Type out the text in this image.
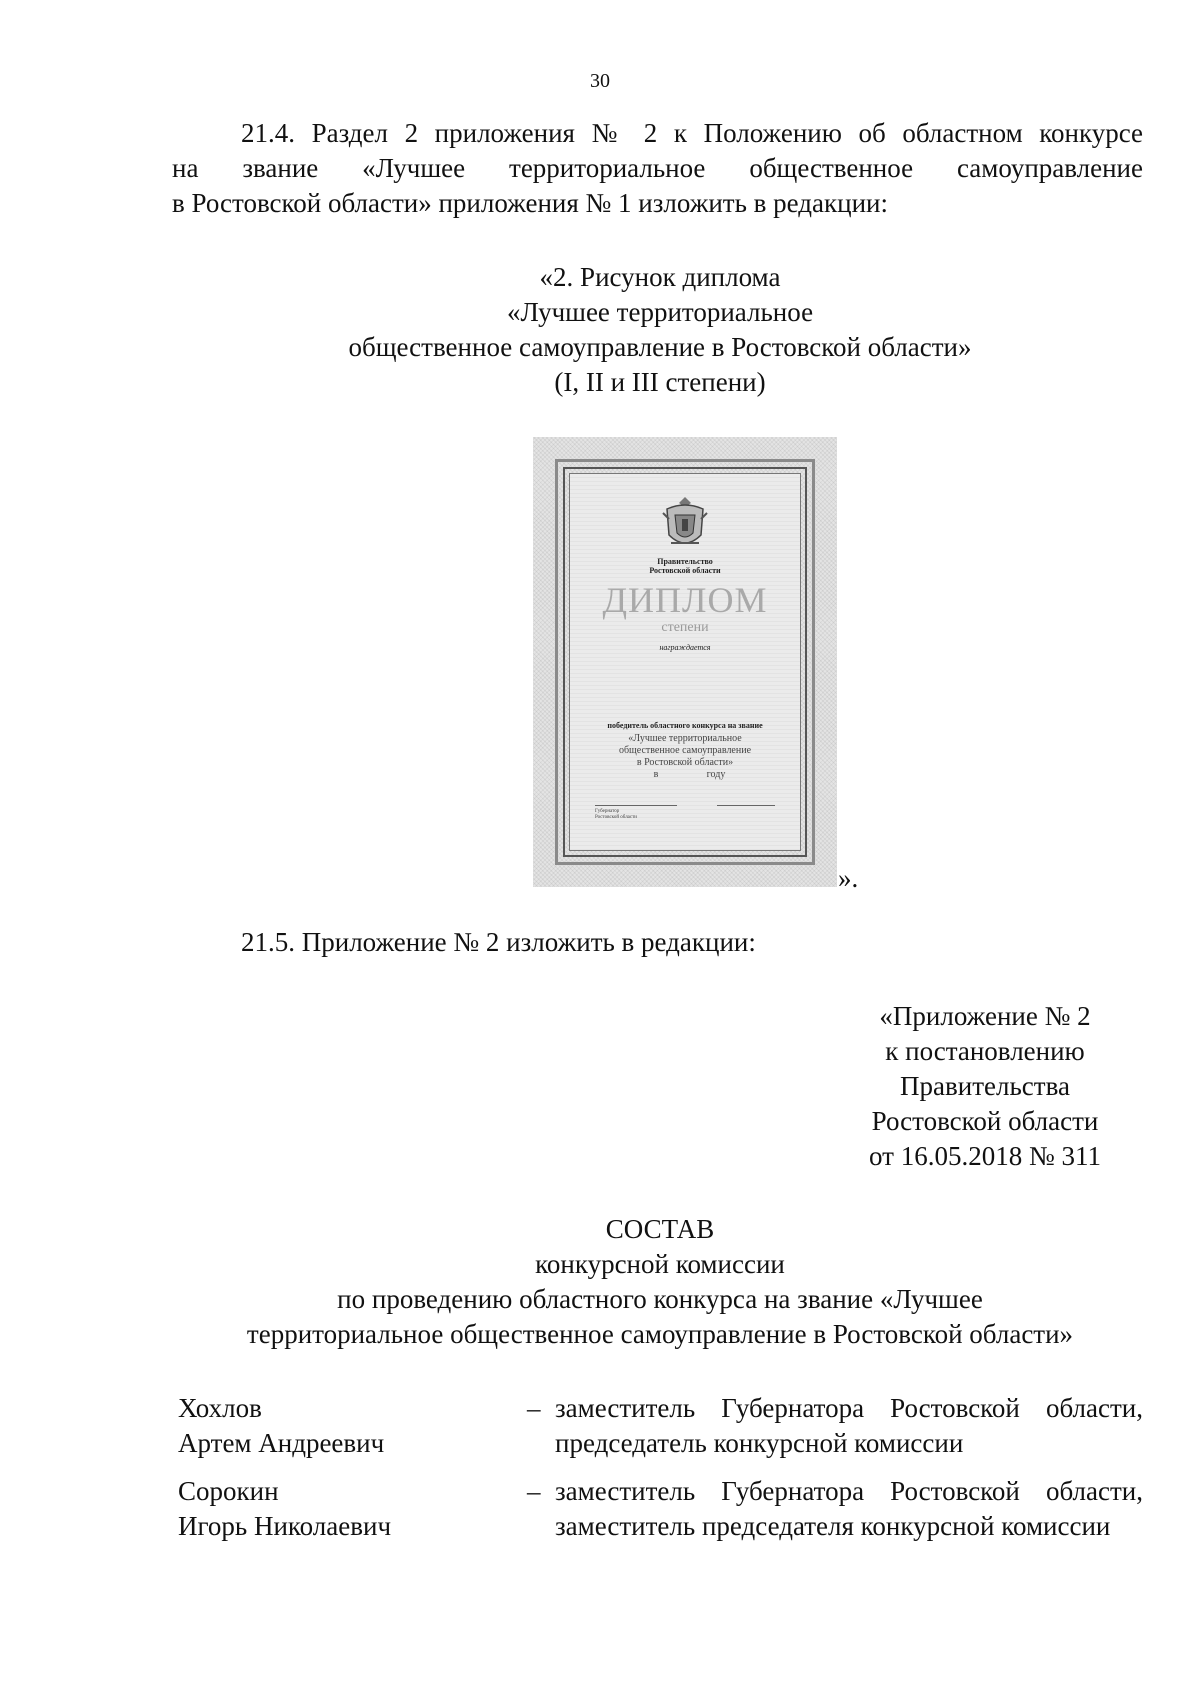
30
21.4. Раздел 2 приложения № 2 к Положению об областном конкурсе
на звание «Лучшее территориальное общественное самоуправление
в Ростовской области» приложения № 1 изложить в редакции:
«2. Рисунок диплома
«Лучшее территориальное
общественное самоуправление в Ростовской области»
(I, II и III степени)
Правительство
Ростовской области
ДИПЛОМ
степени
награждается
победитель областного конкурса на звание
«Лучшее территориальное
общественное самоуправление
в Ростовской области»
в	году
Губернатор
Ростовской области
».
21.5. Приложение № 2 изложить в редакции:
«Приложение № 2
к постановлению
Правительства
Ростовской области
от 16.05.2018 № 311
СОСТАВ
конкурсной комиссии
по проведению областного конкурса на звание «Лучшее
территориальное общественное самоуправление в Ростовской области»
Хохлов
Артем Андреевич
– заместитель Губернатора Ростовской области,
председатель конкурсной комиссии
Сорокин
Игорь Николаевич
– заместитель Губернатора Ростовской области,
заместитель председателя конкурсной комиссии
